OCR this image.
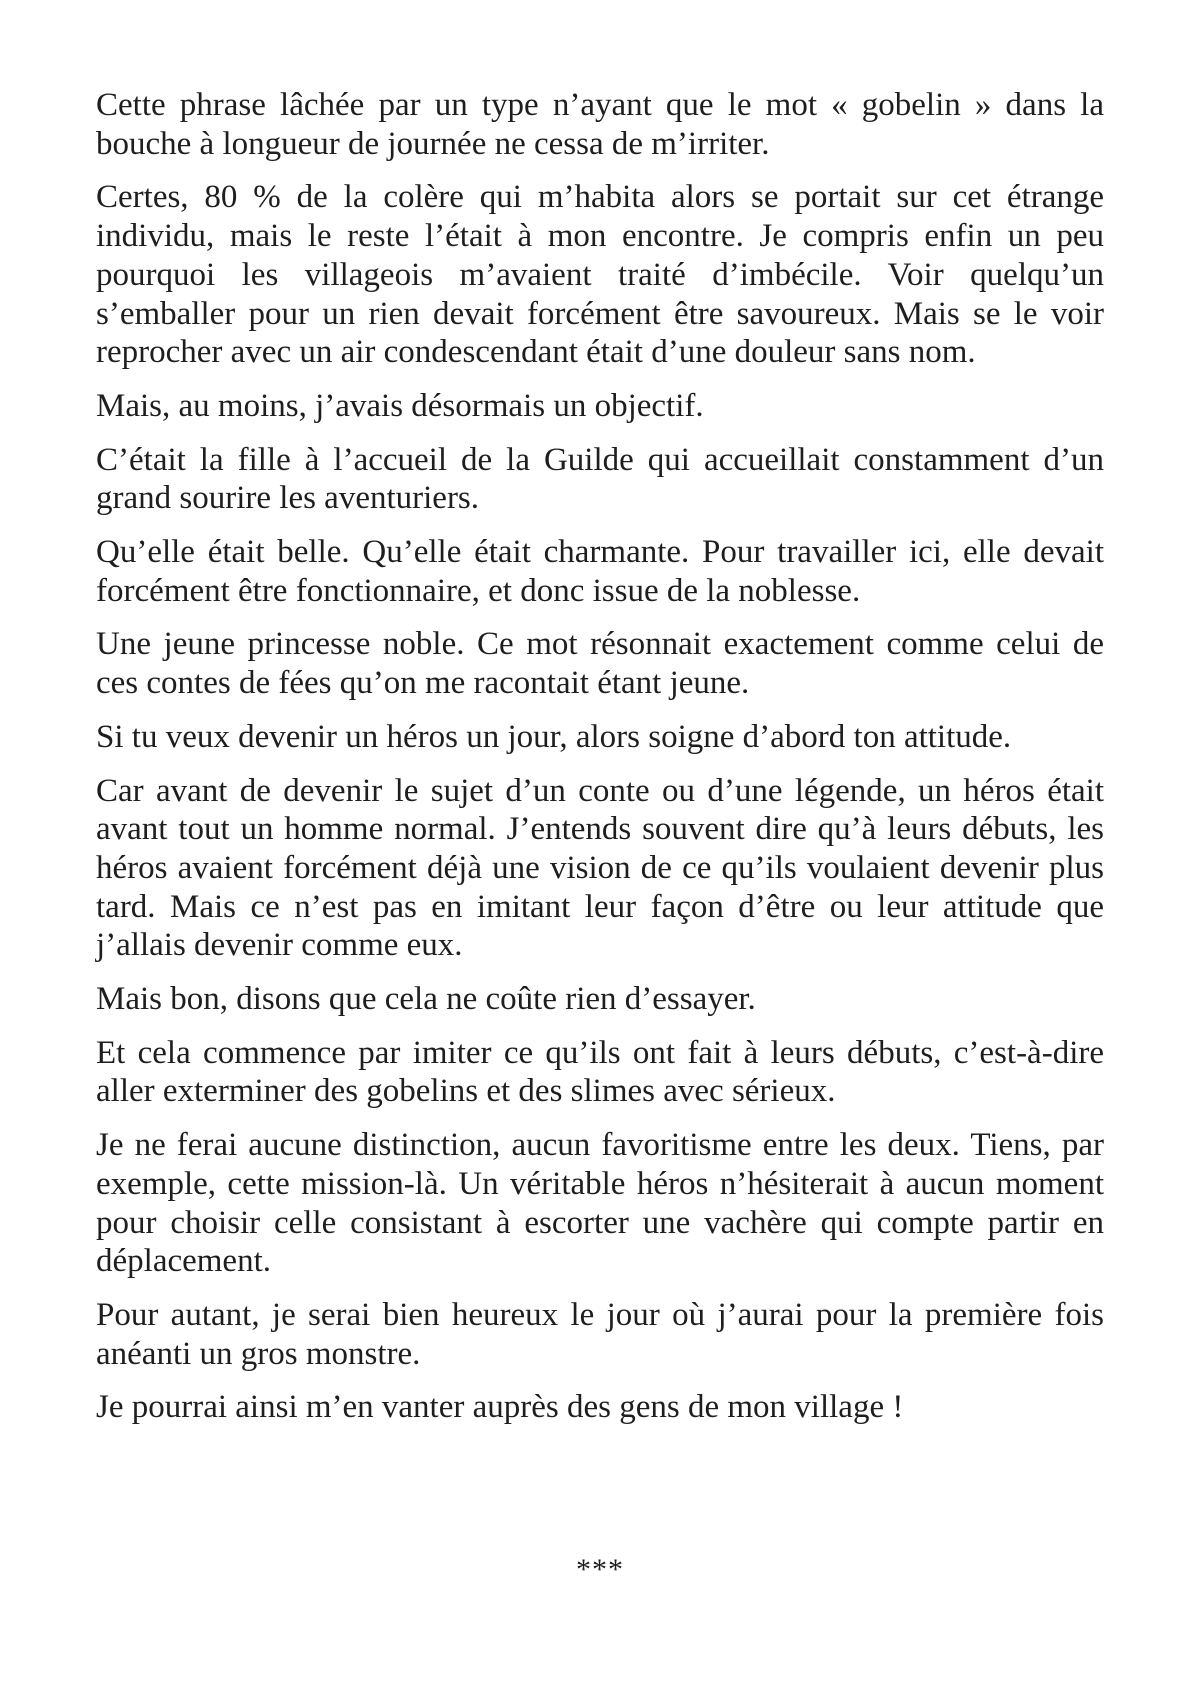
Cette phrase lâchée par un type n’ayant que le mot « gobelin » dans la bouche à longueur de journée ne cessa de m’irriter.

Certes, 80 % de la colère qui m’habita alors se portait sur cet étrange individu, mais le reste l’était à mon encontre. Je compris enfin un peu pourquoi les villageois m’avaient traité d’imbécile. Voir quelqu’un s’emballer pour un rien devait forcément être savoureux. Mais se le voir reprocher avec un air condescendant était d’une douleur sans nom.

Mais, au moins, j’avais désormais un objectif.

C’était la fille à l’accueil de la Guilde qui accueillait constamment d’un grand sourire les aventuriers.

Qu’elle était belle. Qu’elle était charmante. Pour travailler ici, elle devait forcément être fonctionnaire, et donc issue de la noblesse.

Une jeune princesse noble. Ce mot résonnait exactement comme celui de ces contes de fées qu’on me racontait étant jeune.

Si tu veux devenir un héros un jour, alors soigne d’abord ton attitude.

Car avant de devenir le sujet d’un conte ou d’une légende, un héros était avant tout un homme normal. J’entends souvent dire qu’à leurs débuts, les héros avaient forcément déjà une vision de ce qu’ils voulaient devenir plus tard. Mais ce n’est pas en imitant leur façon d’être ou leur attitude que j’allais devenir comme eux.

Mais bon, disons que cela ne coûte rien d’essayer.

Et cela commence par imiter ce qu’ils ont fait à leurs débuts, c’est-à-dire aller exterminer des gobelins et des slimes avec sérieux.

Je ne ferai aucune distinction, aucun favoritisme entre les deux. Tiens, par exemple, cette mission-là. Un véritable héros n’hésiterait à aucun moment pour choisir celle consistant à escorter une vachère qui compte partir en déplacement.

Pour autant, je serai bien heureux le jour où j’aurai pour la première fois anéanti un gros monstre.

Je pourrai ainsi m’en vanter auprès des gens de mon village !

***
